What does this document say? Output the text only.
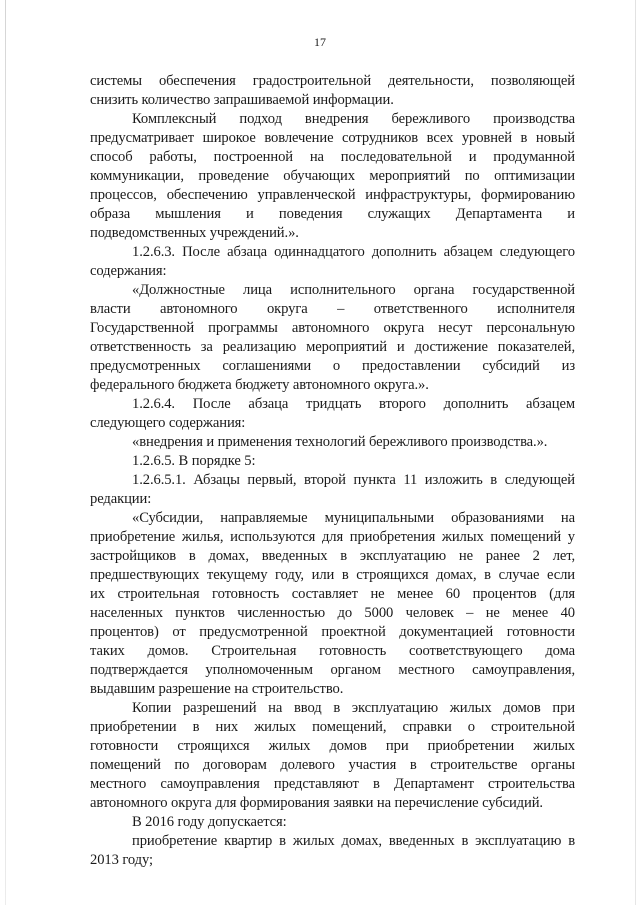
17
системы обеспечения градостроительной деятельности, позволяющей
снизить количество запрашиваемой информации.
Комплексный подход внедрения бережливого производства
предусматривает широкое вовлечение сотрудников всех уровней в новый
способ работы, построенной на последовательной и продуманной
коммуникации, проведение обучающих мероприятий по оптимизации
процессов, обеспечению управленческой инфраструктуры, формированию
образа мышления и поведения служащих Департамента и
подведомственных учреждений.».
1.2.6.3. После абзаца одиннадцатого дополнить абзацем следующего
содержания:
«Должностные лица исполнительного органа государственной
власти автономного округа – ответственного исполнителя
Государственной программы автономного округа несут персональную
ответственность за реализацию мероприятий и достижение показателей,
предусмотренных соглашениями о предоставлении субсидий из
федерального бюджета бюджету автономного округа.».
1.2.6.4. После абзаца тридцать второго дополнить абзацем
следующего содержания:
«внедрения и применения технологий бережливого производства.».
1.2.6.5. В порядке 5:
1.2.6.5.1. Абзацы первый, второй пункта 11 изложить в следующей
редакции:
«Субсидии, направляемые муниципальными образованиями на
приобретение жилья, используются для приобретения жилых помещений у
застройщиков в домах, введенных в эксплуатацию не ранее 2 лет,
предшествующих текущему году, или в строящихся домах, в случае если
их строительная готовность составляет не менее 60 процентов (для
населенных пунктов численностью до 5000 человек – не менее 40
процентов) от предусмотренной проектной документацией готовности
таких домов. Строительная готовность соответствующего дома
подтверждается уполномоченным органом местного самоуправления,
выдавшим разрешение на строительство.
Копии разрешений на ввод в эксплуатацию жилых домов при
приобретении в них жилых помещений, справки о строительной
готовности строящихся жилых домов при приобретении жилых
помещений по договорам долевого участия в строительстве органы
местного самоуправления представляют в Департамент строительства
автономного округа для формирования заявки на перечисление субсидий.
В 2016 году допускается:
приобретение квартир в жилых домах, введенных в эксплуатацию в
2013 году;
